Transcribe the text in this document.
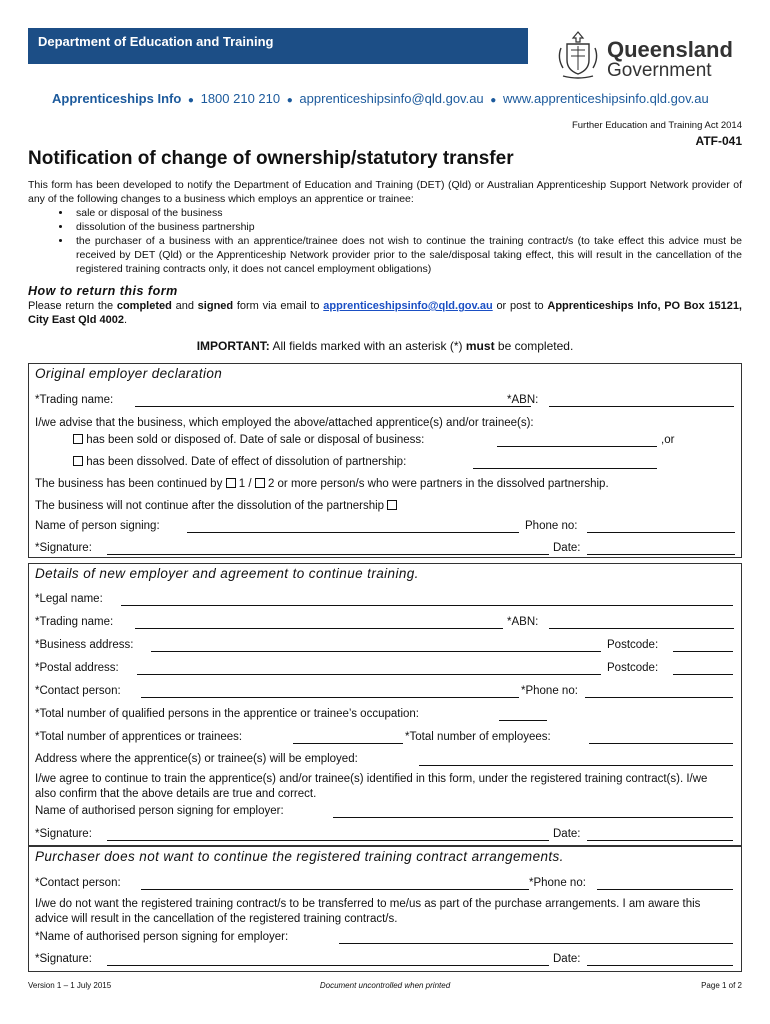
Department of Education and Training	Queensland
Government
Apprenticeships Info ● 1800 210 210 ● apprenticeshipsinfo@qld.gov.au ● www.apprenticeshipsinfo.qld.gov.au
Further Education and Training Act 2014
ATF-041
Notification of change of ownership/statutory transfer
This form has been developed to notify the Department of Education and Training (DET) (Qld) or Australian Apprenticeship Support Network provider of any of the following changes to a business which employs an apprentice or trainee:
• sale or disposal of the business
• dissolution of the business partnership
• the purchaser of a business with an apprentice/trainee does not wish to continue the training contract/s (to take effect this advice must be received by DET (Qld) or the Apprenticeship Network provider prior to the sale/disposal taking effect, this will result in the cancellation of the registered training contracts only, it does not cancel employment obligations)
How to return this form
Please return the completed and signed form via email to apprenticeshipsinfo@qld.gov.au or post to Apprenticeships Info, PO Box 15121, City East Qld 4002.
IMPORTANT: All fields marked with an asterisk (*) must be completed.
Original employer declaration
*Trading name:	*ABN:
I/we advise that the business, which employed the above/attached apprentice(s) and/or trainee(s):
has been sold or disposed of. Date of sale or disposal of business:	,or
has been dissolved. Date of effect of dissolution of partnership:
The business has been continued by 1 / 2 or more person/s who were partners in the dissolved partnership.
The business will not continue after the dissolution of the partnership
Name of person signing:	Phone no:
*Signature:	Date:
Details of new employer and agreement to continue training.
*Legal name:
*Trading name:	*ABN:
*Business address:	Postcode:
*Postal address:	Postcode:
*Contact person:	*Phone no:
*Total number of qualified persons in the apprentice or trainee’s occupation:
*Total number of apprentices or trainees:	*Total number of employees:
Address where the apprentice(s) or trainee(s) will be employed:
I/we agree to continue to train the apprentice(s) and/or trainee(s) identified in this form, under the registered training contract(s). I/we also confirm that the above details are true and correct.
Name of authorised person signing for employer:
*Signature:	Date:
Purchaser does not want to continue the registered training contract arrangements.
*Contact person:	*Phone no:
I/we do not want the registered training contract/s to be transferred to me/us as part of the purchase arrangements. I am aware this advice will result in the cancellation of the registered training contract/s.
*Name of authorised person signing for employer:
*Signature:	Date:
Version 1 – 1 July 2015	Document uncontrolled when printed	Page 1 of 2
